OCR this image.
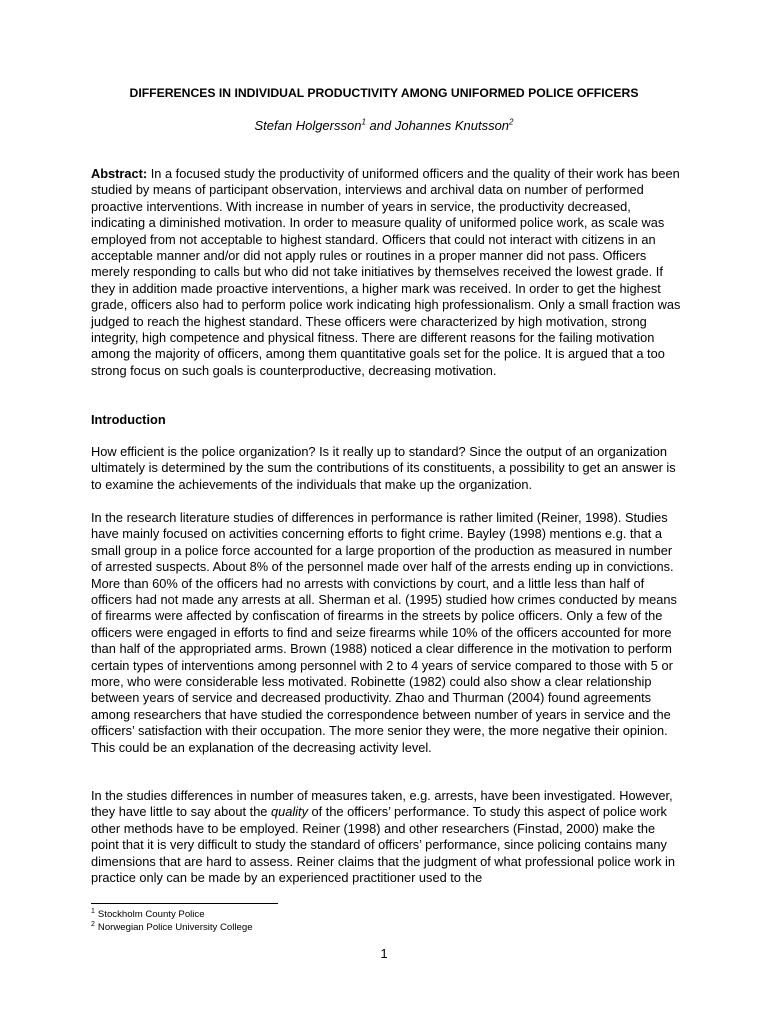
DIFFERENCES IN INDIVIDUAL PRODUCTIVITY AMONG UNIFORMED POLICE OFFICERS
Stefan Holgersson$^1$ and Johannes Knutsson$^2$
Abstract: In a focused study the productivity of uniformed officers and the quality of their work has been studied by means of participant observation, interviews and archival data on number of performed proactive interventions. With increase in number of years in service, the productivity decreased, indicating a diminished motivation. In order to measure quality of uniformed police work, as scale was employed from not acceptable to highest standard. Officers that could not interact with citizens in an acceptable manner and/or did not apply rules or routines in a proper manner did not pass. Officers merely responding to calls but who did not take initiatives by themselves received the lowest grade. If they in addition made proactive interventions, a higher mark was received. In order to get the highest grade, officers also had to perform police work indicating high professionalism. Only a small fraction was judged to reach the highest standard. These officers were characterized by high motivation, strong integrity, high competence and physical fitness. There are different reasons for the failing motivation among the majority of officers, among them quantitative goals set for the police. It is argued that a too strong focus on such goals is counterproductive, decreasing motivation.
Introduction
How efficient is the police organization? Is it really up to standard? Since the output of an organization ultimately is determined by the sum the contributions of its constituents, a possibility to get an answer is to examine the achievements of the individuals that make up the organization.
In the research literature studies of differences in performance is rather limited (Reiner, 1998). Studies have mainly focused on activities concerning efforts to fight crime. Bayley (1998) mentions e.g. that a small group in a police force accounted for a large proportion of the production as measured in number of arrested suspects. About 8% of the personnel made over half of the arrests ending up in convictions. More than 60% of the officers had no arrests with convictions by court, and a little less than half of officers had not made any arrests at all. Sherman et al. (1995) studied how crimes conducted by means of firearms were affected by confiscation of firearms in the streets by police officers. Only a few of the officers were engaged in efforts to find and seize firearms while 10% of the officers accounted for more than half of the appropriated arms. Brown (1988) noticed a clear difference in the motivation to perform certain types of interventions among personnel with 2 to 4 years of service compared to those with 5 or more, who were considerable less motivated. Robinette (1982) could also show a clear relationship between years of service and decreased productivity. Zhao and Thurman (2004) found agreements among researchers that have studied the correspondence between number of years in service and the officers’ satisfaction with their occupation. The more senior they were, the more negative their opinion. This could be an explanation of the decreasing activity level.
In the studies differences in number of measures taken, e.g. arrests, have been investigated. However, they have little to say about the quality of the officers’ performance. To study this aspect of police work other methods have to be employed. Reiner (1998) and other researchers (Finstad, 2000) make the point that it is very difficult to study the standard of officers’ performance, since policing contains many dimensions that are hard to assess. Reiner claims that the judgment of what professional police work in practice only can be made by an experienced practitioner used to the
$^1$ Stockholm County Police
$^2$ Norwegian Police University College
1
